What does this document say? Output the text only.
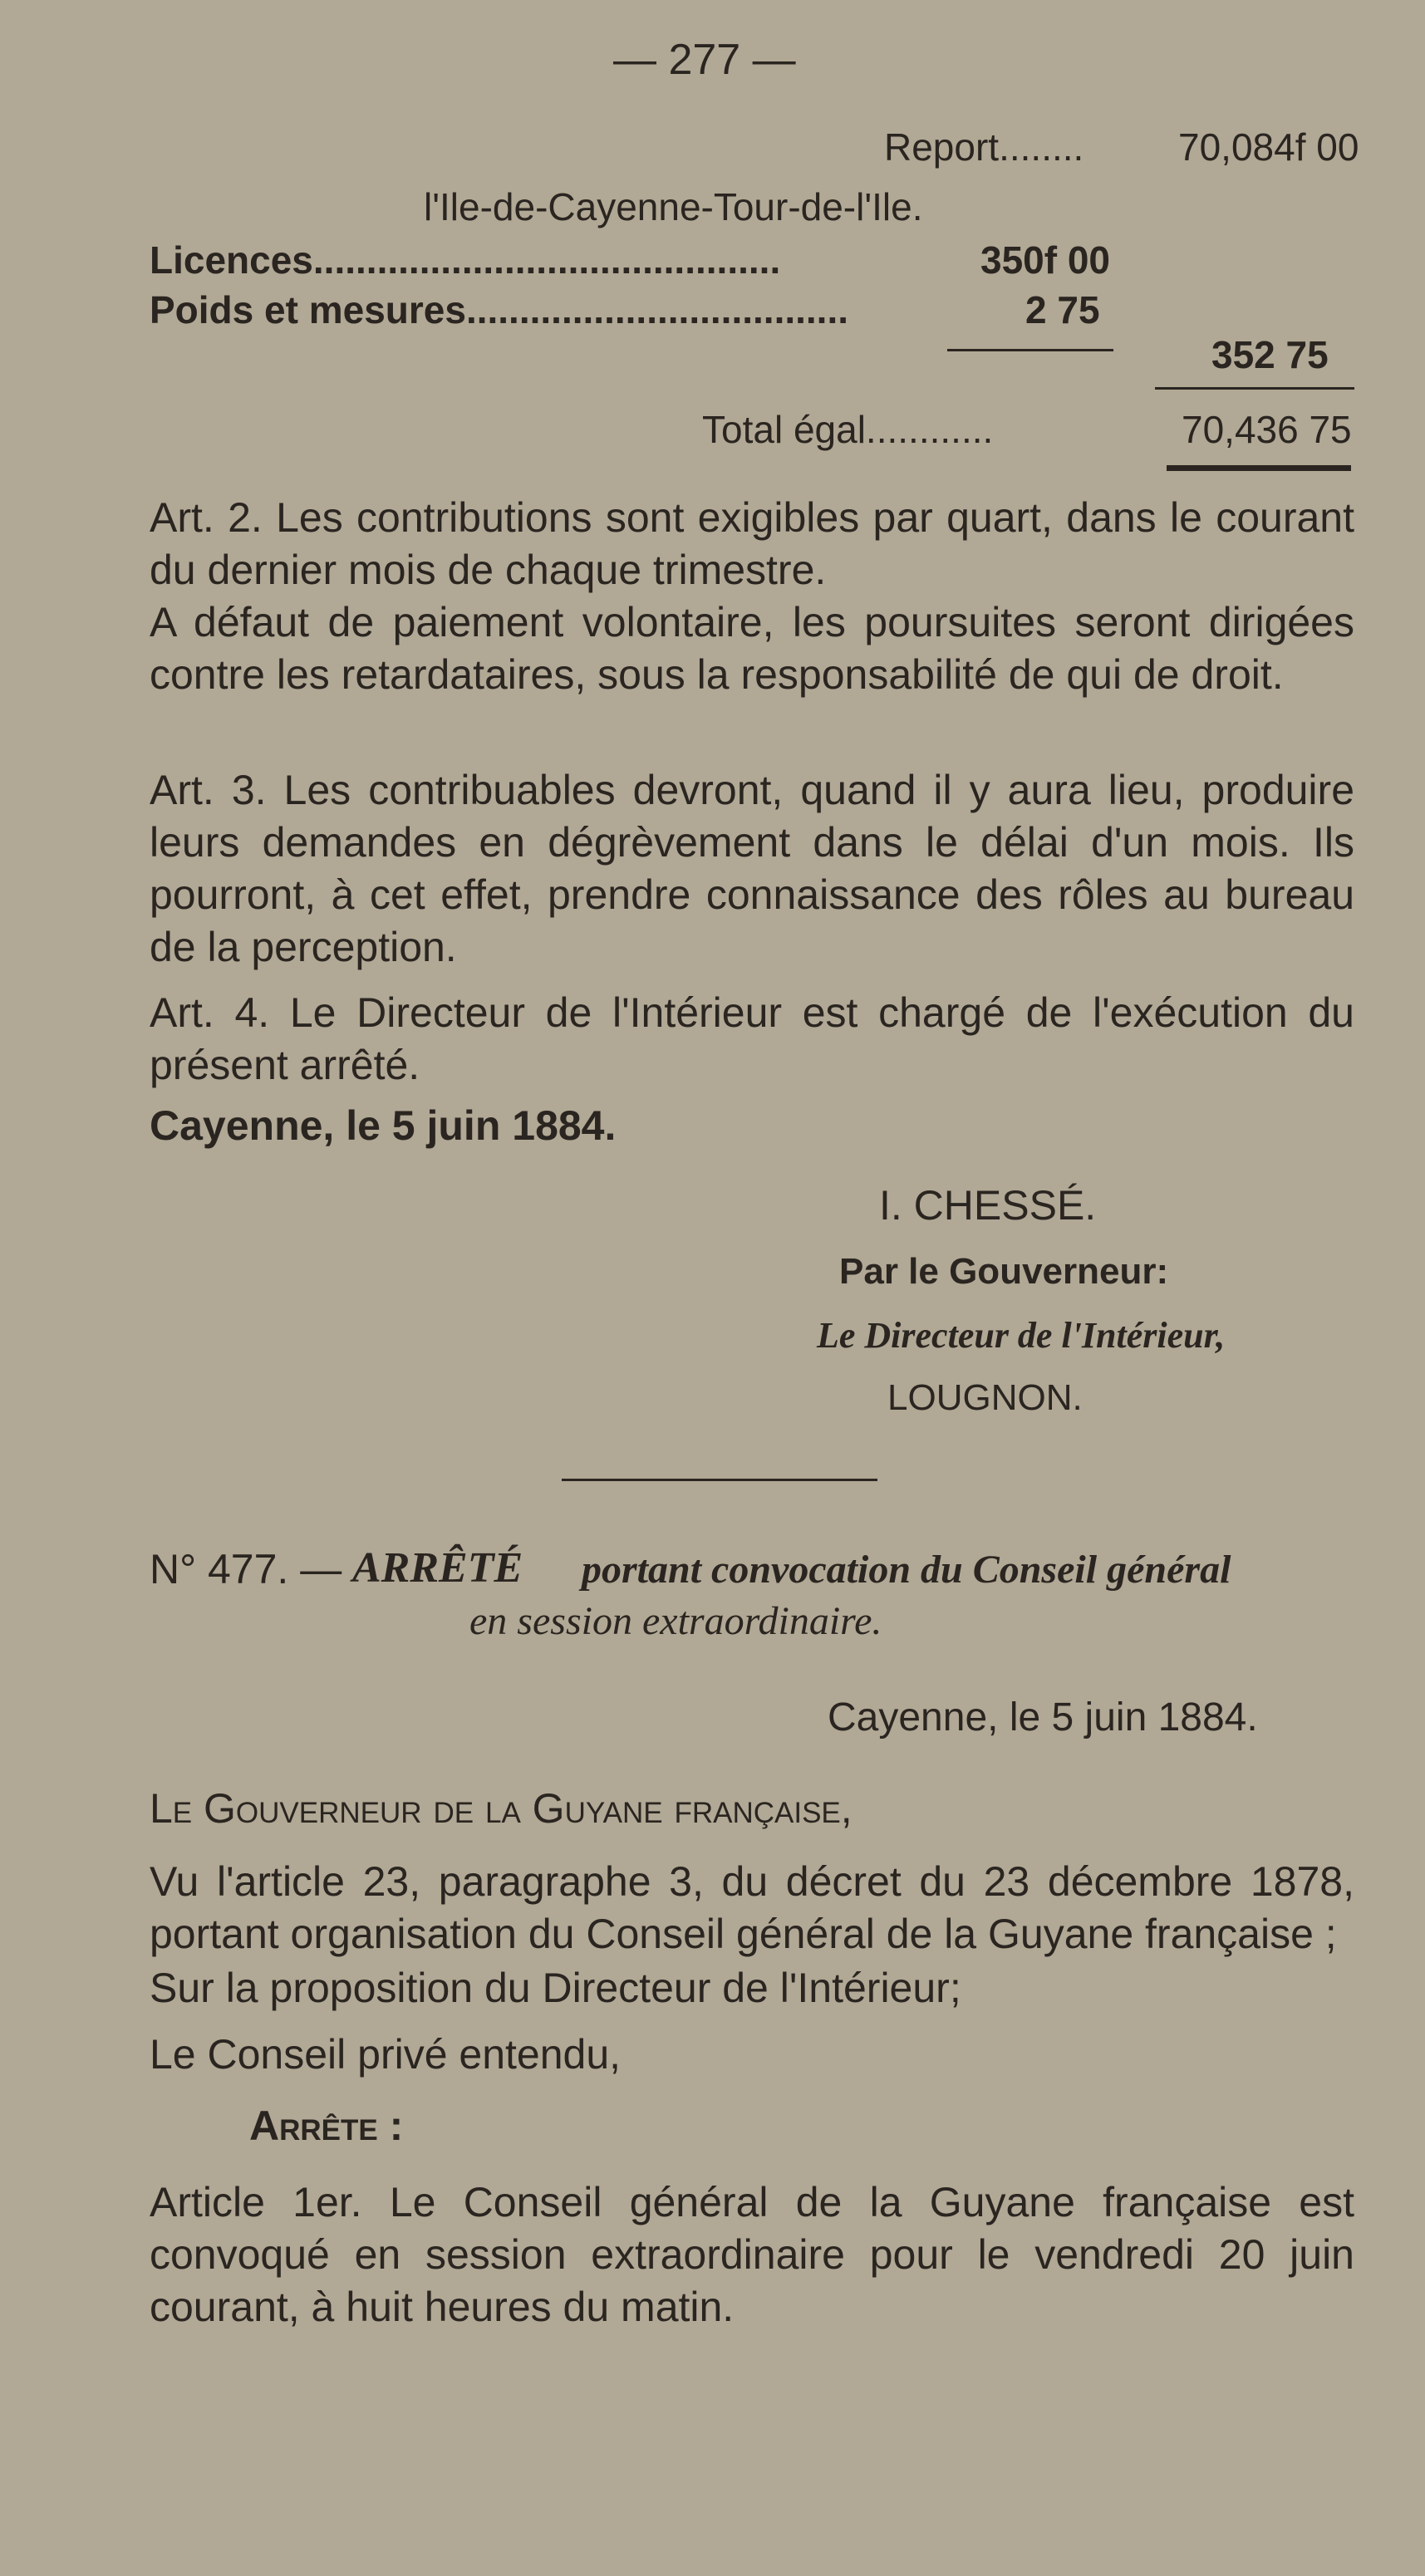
— 277 —
Report........ 70,084f 00
l'Ile-de-Cayenne-Tour-de-l'Ile.
Licences............................................	350f 00
Poids et mesures....................................	2 75
352 75
Total égal............	70,436 75

Art. 2. Les contributions sont exigibles par quart, dans le courant du dernier mois de chaque trimestre.

A défaut de paiement volontaire, les poursuites seront dirigées contre les retardataires, sous la responsabilité de qui de droit.

Art. 3. Les contribuables devront, quand il y aura lieu, produire leurs demandes en dégrèvement dans le délai d'un mois. Ils pourront, à cet effet, prendre connaissance des rôles au bureau de la perception.

Art. 4. Le Directeur de l'Intérieur est chargé de l'exécution du présent arrêté.

Cayenne, le 5 juin 1884.
I. CHESSÉ.
Par le Gouverneur:
Le Directeur de l'Intérieur,
LOUGNON.
N° 477. — ARRÊTÉ portant convocation du Conseil général
en session extraordinaire.
Cayenne, le 5 juin 1884.
Le Gouverneur de la Guyane française,

Vu l'article 23, paragraphe 3, du décret du 23 décembre 1878, portant organisation du Conseil général de la Guyane française ;

Sur la proposition du Directeur de l'Intérieur;
Le Conseil privé entendu,
Arrête :

Article 1er. Le Conseil général de la Guyane française est convoqué en session extraordinaire pour le vendredi 20 juin courant, à huit heures du matin.
